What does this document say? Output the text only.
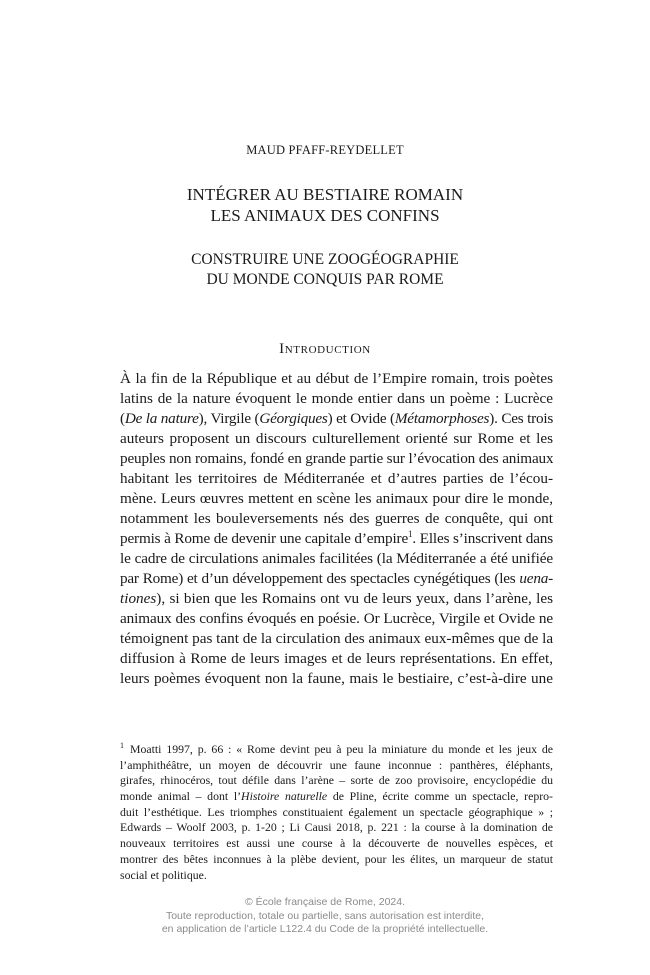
MAUD PFAFF-REYDELLET
INTÉGRER AU BESTIAIRE ROMAIN
LES ANIMAUX DES CONFINS
CONSTRUIRE UNE ZOOGÉOGRAPHIE
DU MONDE CONQUIS PAR ROME
Introduction
À la fin de la République et au début de l’Empire romain, trois poètes
latins de la nature évoquent le monde entier dans un poème : Lucrèce
(De la nature), Virgile (Géorgiques) et Ovide (Métamorphoses). Ces trois
auteurs proposent un discours culturellement orienté sur Rome et les
peuples non romains, fondé en grande partie sur l’évocation des animaux
habitant les territoires de Méditerranée et d’autres parties de l’écou-
mène. Leurs œuvres mettent en scène les animaux pour dire le monde,
notamment les bouleversements nés des guerres de conquête, qui ont
permis à Rome de devenir une capitale d’empire$^1$. Elles s’inscrivent dans
le cadre de circulations animales facilitées (la Méditerranée a été unifiée
par Rome) et d’un développement des spectacles cynégétiques (les uena-
tiones), si bien que les Romains ont vu de leurs yeux, dans l’arène, les
animaux des confins évoqués en poésie. Or Lucrèce, Virgile et Ovide ne
témoignent pas tant de la circulation des animaux eux-mêmes que de la
diffusion à Rome de leurs images et de leurs représentations. En effet,
leurs poèmes évoquent non la faune, mais le bestiaire, c’est-à-dire une
$^1$ Moatti 1997, p. 66 : « Rome devint peu à peu la miniature du monde et les jeux de
l’amphithéâtre, un moyen de découvrir une faune inconnue : panthères, éléphants,
girafes, rhinocéros, tout défile dans l’arène – sorte de zoo provisoire, encyclopédie du
monde animal – dont l’Histoire naturelle de Pline, écrite comme un spectacle, repro-
duit l’esthétique. Les triomphes constituaient également un spectacle géographique » ;
Edwards – Woolf 2003, p. 1-20 ; Li Causi 2018, p. 221 : la course à la domination de
nouveaux territoires est aussi une course à la découverte de nouvelles espèces, et
montrer des bêtes inconnues à la plèbe devient, pour les élites, un marqueur de statut
social et politique.
© École française de Rome, 2024.
Toute reproduction, totale ou partielle, sans autorisation est interdite,
en application de l’article L122.4 du Code de la propriété intellectuelle.
